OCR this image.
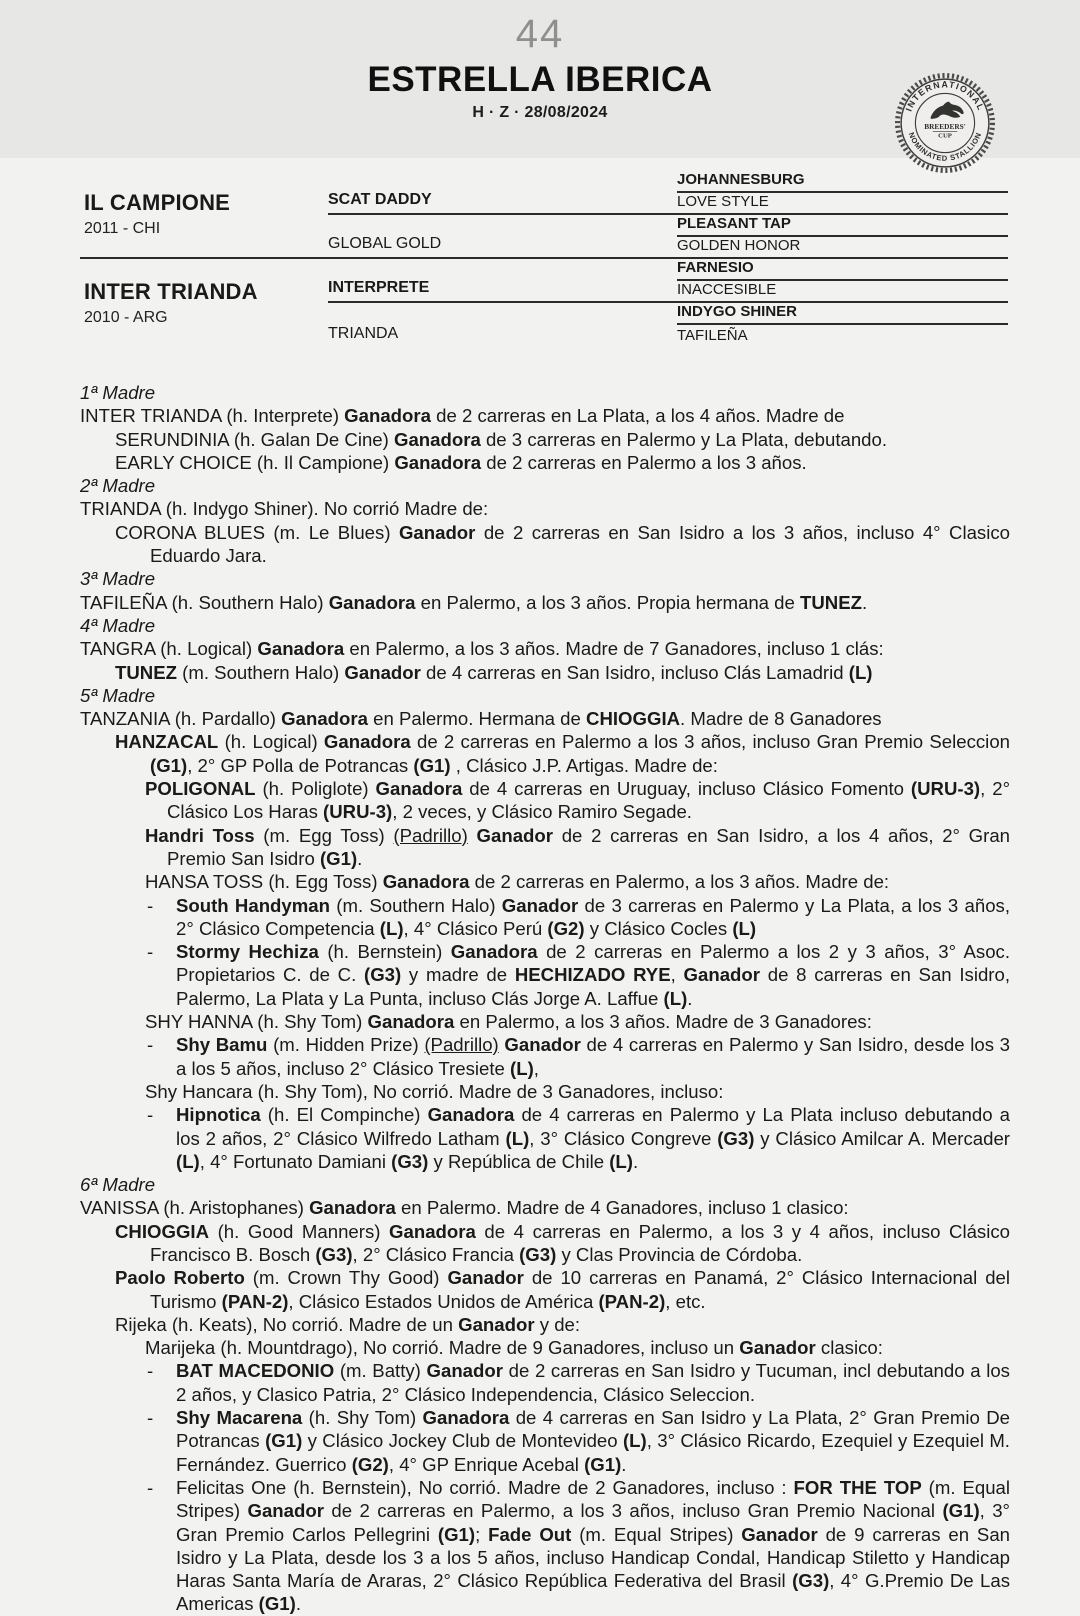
44
ESTRELLA IBERICA
H · Z · 28/08/2024	INTERNATIONAL
NOMINATED STALLION
BREEDERS'
CUP
IL CAMPIONE
2011 - CHI
INTER TRIANDA
2010 - ARG
SCAT DADDY
GLOBAL GOLD
INTERPRETE
TRIANDA
JOHANNESBURG
LOVE STYLE
PLEASANT TAP
GOLDEN HONOR
FARNESIO
INACCESIBLE
INDYGO SHINER
TAFILEÑA

1ª Madre

INTER TRIANDA (h. Interprete) Ganadora de 2 carreras en La Plata, a los 4 años. Madre de

SERUNDINIA (h. Galan De Cine) Ganadora de 3 carreras en Palermo y La Plata, debutando.

EARLY CHOICE (h. Il Campione) Ganadora de 2 carreras en Palermo a los 3 años.

2ª Madre

TRIANDA (h. Indygo Shiner). No corrió Madre de:

CORONA BLUES (m. Le Blues) Ganador de 2 carreras en San Isidro a los 3 años, incluso 4° Clasico Eduardo Jara.

3ª Madre

TAFILEÑA (h. Southern Halo) Ganadora en Palermo, a los 3 años. Propia hermana de TUNEZ.

4ª Madre

TANGRA (h. Logical) Ganadora en Palermo, a los 3 años. Madre de 7 Ganadores, incluso 1 clás:

TUNEZ (m. Southern Halo) Ganador de 4 carreras en San Isidro, incluso Clás Lamadrid (L)

5ª Madre

TANZANIA (h. Pardallo) Ganadora en Palermo. Hermana de CHIOGGIA. Madre de 8 Ganadores

HANZACAL (h. Logical) Ganadora de 2 carreras en Palermo a los 3 años, incluso Gran Premio Seleccion (G1), 2° GP Polla de Potrancas (G1) , Clásico J.P. Artigas. Madre de:

POLIGONAL (h. Poliglote) Ganadora de 4 carreras en Uruguay, incluso Clásico Fomento (URU-3), 2° Clásico Los Haras (URU-3), 2 veces, y Clásico Ramiro Segade.

Handri Toss (m. Egg Toss) (Padrillo) Ganador de 2 carreras en San Isidro, a los 4 años, 2° Gran Premio San Isidro (G1).

HANSA TOSS (h. Egg Toss) Ganadora de 2 carreras en Palermo, a los 3 años. Madre de:

- South Handyman (m. Southern Halo) Ganador de 3 carreras en Palermo y La Plata, a los 3 años, 2° Clásico Competencia (L), 4° Clásico Perú (G2) y Clásico Cocles (L)

- Stormy Hechiza (h. Bernstein) Ganadora de 2 carreras en Palermo a los 2 y 3 años, 3° Asoc. Propietarios C. de C. (G3) y madre de HECHIZADO RYE, Ganador de 8 carreras en San Isidro, Palermo, La Plata y La Punta, incluso Clás Jorge A. Laffue (L).

SHY HANNA (h. Shy Tom) Ganadora en Palermo, a los 3 años. Madre de 3 Ganadores:

- Shy Bamu (m. Hidden Prize) (Padrillo) Ganador de 4 carreras en Palermo y San Isidro, desde los 3 a los 5 años, incluso 2° Clásico Tresiete (L),

Shy Hancara (h. Shy Tom), No corrió. Madre de 3 Ganadores, incluso:

- Hipnotica (h. El Compinche) Ganadora de 4 carreras en Palermo y La Plata incluso debutando a los 2 años, 2° Clásico Wilfredo Latham (L), 3° Clásico Congreve (G3) y Clásico Amilcar A. Mercader (L), 4° Fortunato Damiani (G3) y República de Chile (L).

6ª Madre

VANISSA (h. Aristophanes) Ganadora en Palermo. Madre de 4 Ganadores, incluso 1 clasico:

CHIOGGIA (h. Good Manners) Ganadora de 4 carreras en Palermo, a los 3 y 4 años, incluso Clásico Francisco B. Bosch (G3), 2° Clásico Francia (G3) y Clas Provincia de Córdoba.

Paolo Roberto (m. Crown Thy Good) Ganador de 10 carreras en Panamá, 2° Clásico Internacional del Turismo (PAN-2), Clásico Estados Unidos de América (PAN-2), etc.

Rijeka (h. Keats), No corrió. Madre de un Ganador y de:

Marijeka (h. Mountdrago), No corrió. Madre de 9 Ganadores, incluso un Ganador clasico:

- BAT MACEDONIO (m. Batty) Ganador de 2 carreras en San Isidro y Tucuman, incl debutando a los 2 años, y Clasico Patria, 2° Clásico Independencia, Clásico Seleccion.

- Shy Macarena (h. Shy Tom) Ganadora de 4 carreras en San Isidro y La Plata, 2° Gran Premio De Potrancas (G1) y Clásico Jockey Club de Montevideo (L), 3° Clásico Ricardo, Ezequiel y Ezequiel M. Fernández. Guerrico (G2), 4° GP Enrique Acebal (G1).

- Felicitas One (h. Bernstein), No corrió. Madre de 2 Ganadores, incluso : FOR THE TOP (m. Equal Stripes) Ganador de 2 carreras en Palermo, a los 3 años, incluso Gran Premio Nacional (G1), 3° Gran Premio Carlos Pellegrini (G1); Fade Out (m. Equal Stripes) Ganador de 9 carreras en San Isidro y La Plata, desde los 3 a los 5 años, incluso Handicap Condal, Handicap Stiletto y Handicap Haras Santa María de Araras, 2° Clásico República Federativa del Brasil (G3), 4° G.Premio De Las Americas (G1).
